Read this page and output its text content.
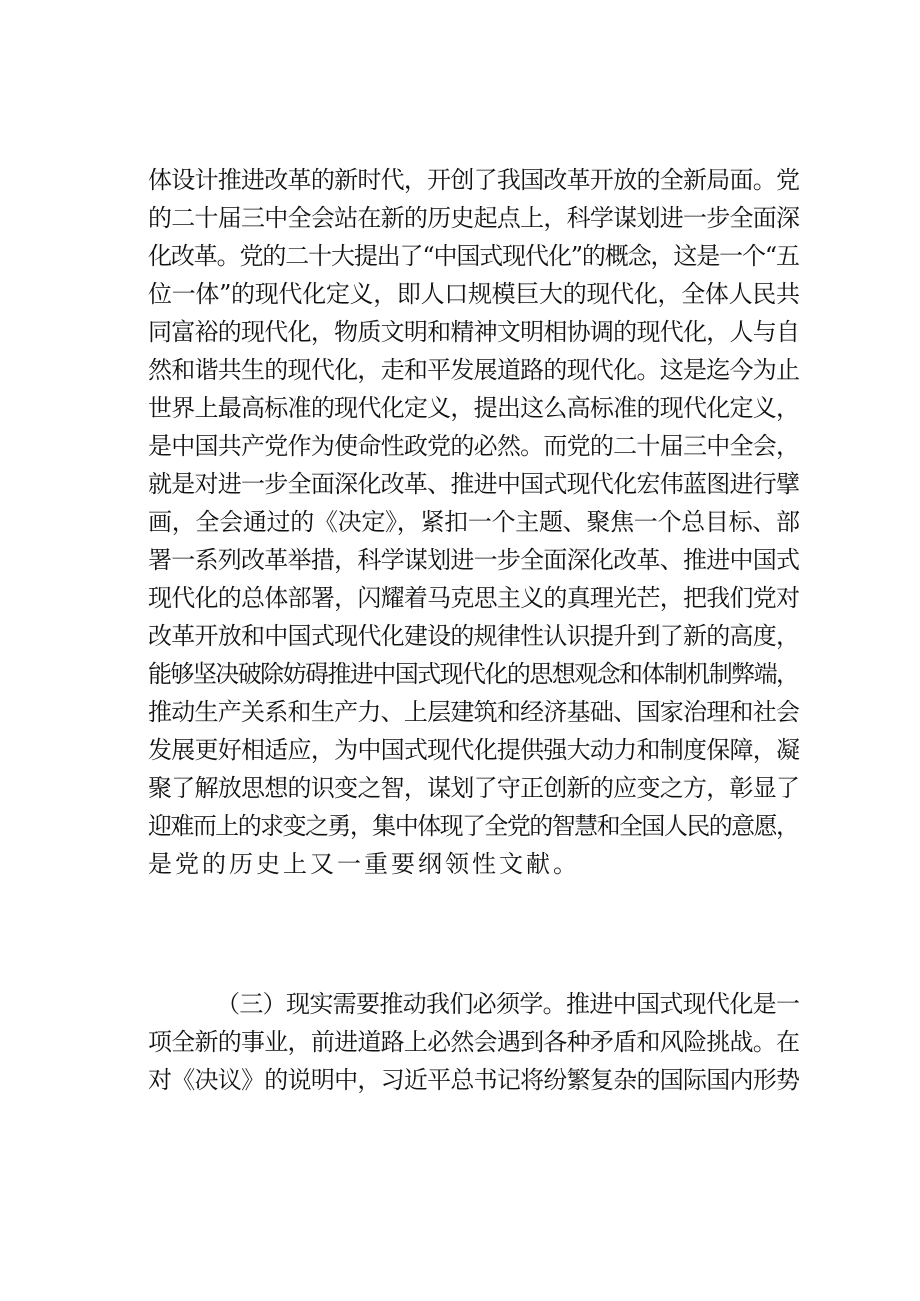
体设计推进改革的新时代，开创了我国改革开放的全新局面。党
的二十届三中全会站在新的历史起点上，科学谋划进一步全面深
化改革。党的二十大提出了“中国式现代化”的概念，这是一个“五
位一体”的现代化定义，即人口规模巨大的现代化，全体人民共
同富裕的现代化，物质文明和精神文明相协调的现代化，人与自
然和谐共生的现代化，走和平发展道路的现代化。这是迄今为止
世界上最高标准的现代化定义，提出这么高标准的现代化定义，
是中国共产党作为使命性政党的必然。而党的二十届三中全会，
就是对进一步全面深化改革、推进中国式现代化宏伟蓝图进行擘
画，全会通过的《决定》，紧扣一个主题、聚焦一个总目标、部
署一系列改革举措，科学谋划进一步全面深化改革、推进中国式
现代化的总体部署，闪耀着马克思主义的真理光芒，把我们党对
改革开放和中国式现代化建设的规律性认识提升到了新的高度，
能够坚决破除妨碍推进中国式现代化的思想观念和体制机制弊端，
推动生产关系和生产力、上层建筑和经济基础、国家治理和社会
发展更好相适应，为中国式现代化提供强大动力和制度保障，凝
聚了解放思想的识变之智，谋划了守正创新的应变之方，彰显了
迎难而上的求变之勇，集中体现了全党的智慧和全国人民的意愿，
是党的历史上又一重要纲领性文献。
（三）现实需要推动我们必须学。推进中国式现代化是一
项全新的事业，前进道路上必然会遇到各种矛盾和风险挑战。在
对《决议》的说明中，习近平总书记将纷繁复杂的国际国内形势
